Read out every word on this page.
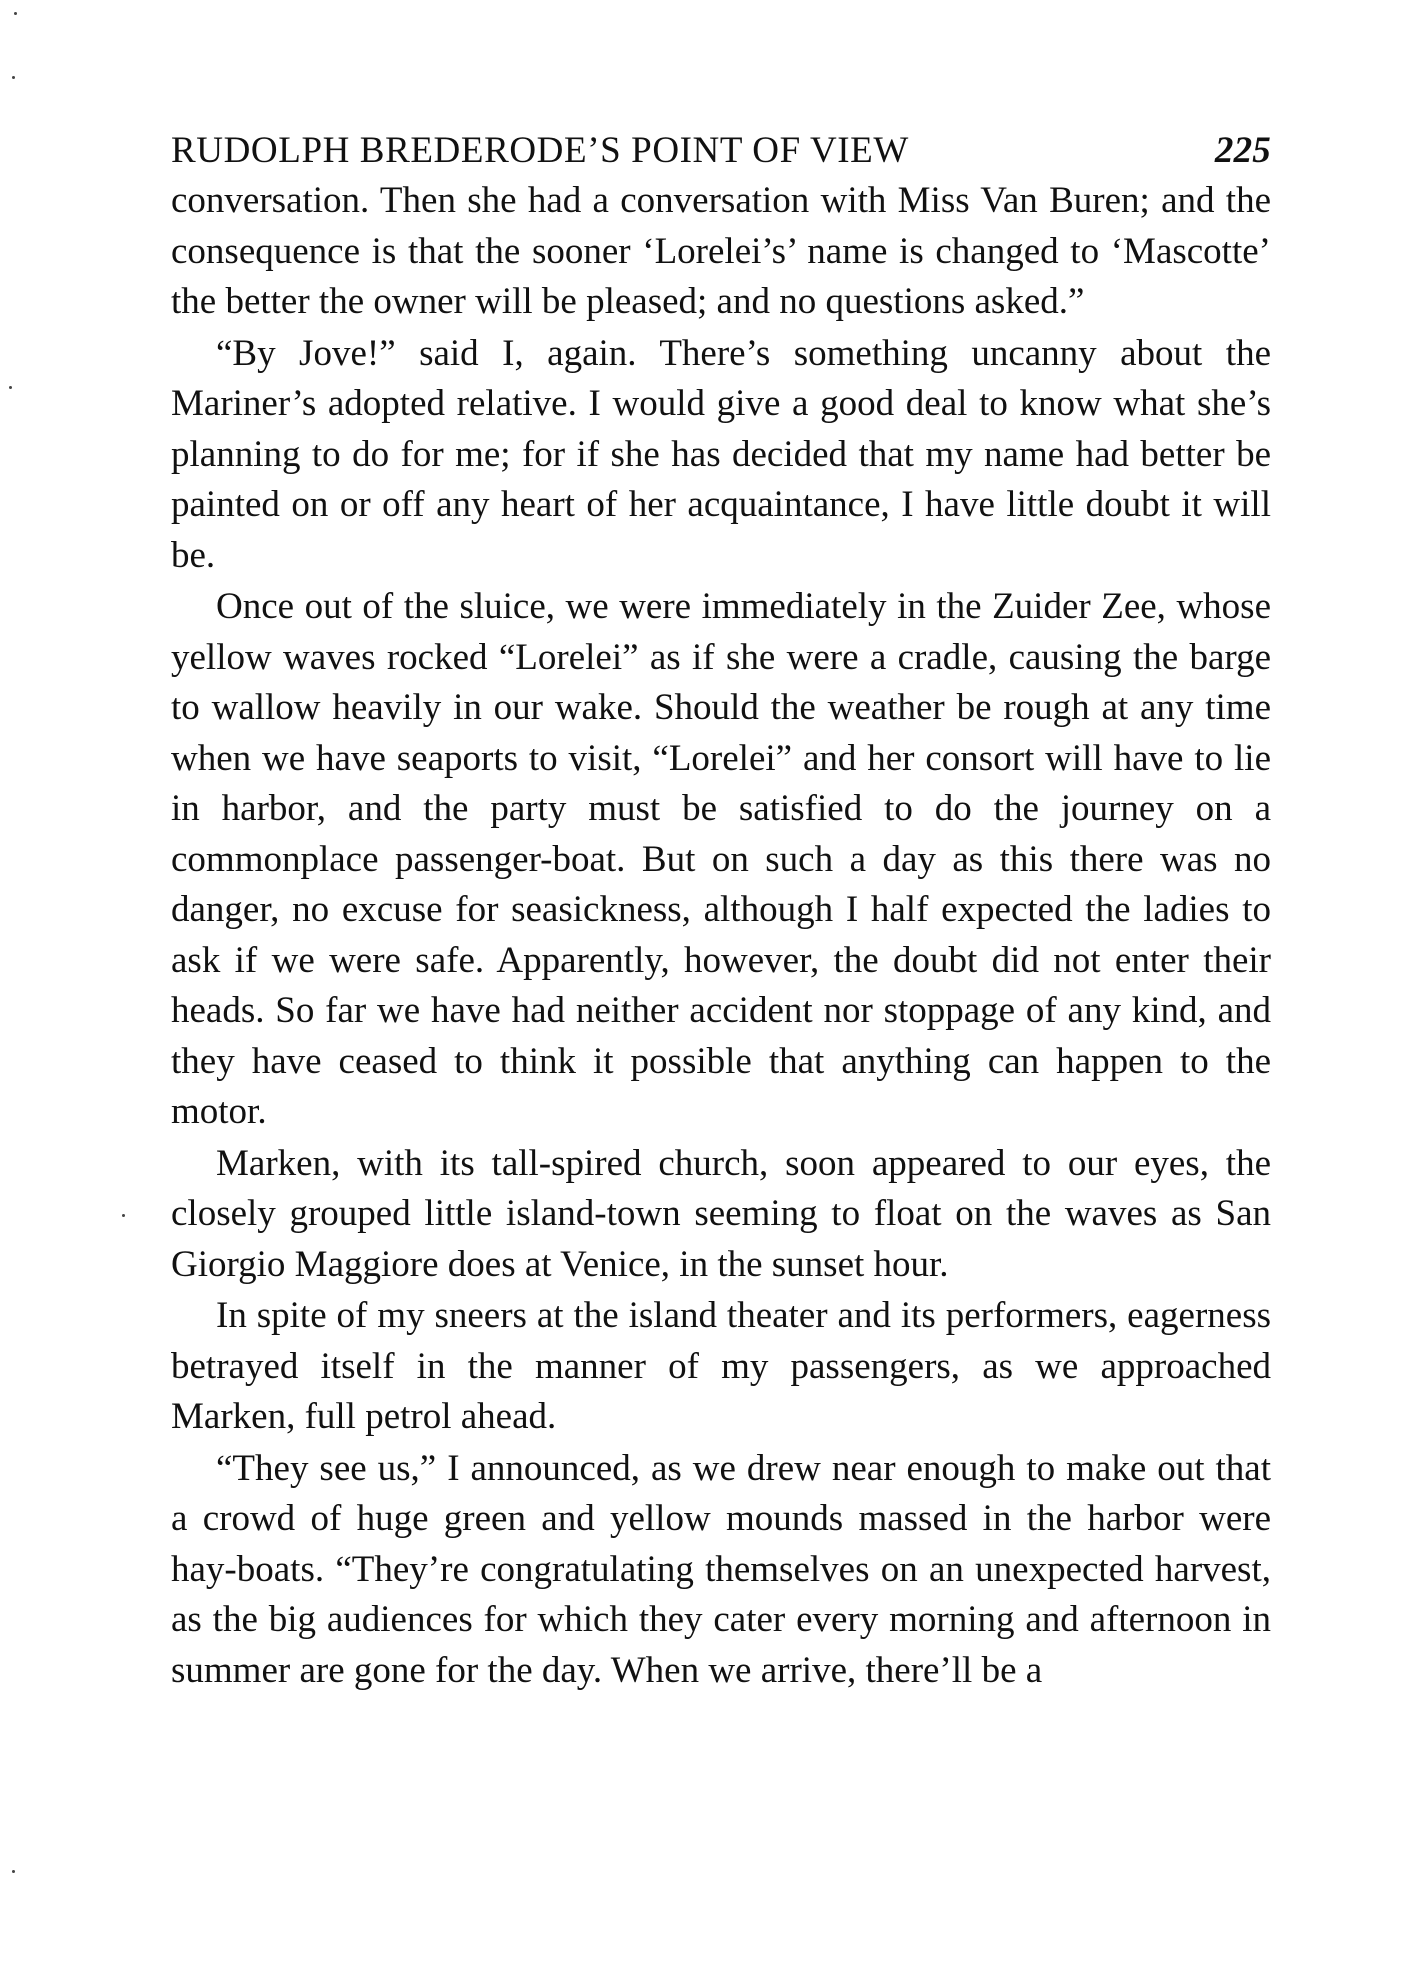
RUDOLPH BREDERODE’S POINT OF VIEW	225

conversation. Then she had a conversation with Miss Van Buren; and the consequence is that the sooner ‘Lorelei’s’ name is changed to ‘Mascotte’ the better the owner will be pleased; and no questions asked.”

“By Jove!” said I, again. There’s something uncanny about the Mariner’s adopted relative. I would give a good deal to know what she’s planning to do for me; for if she has decided that my name had better be painted on or off any heart of her acquaintance, I have little doubt it will be.

Once out of the sluice, we were immediately in the Zuider Zee, whose yellow waves rocked “Lorelei” as if she were a cradle, causing the barge to wallow heavily in our wake. Should the weather be rough at any time when we have seaports to visit, “Lorelei” and her consort will have to lie in harbor, and the party must be satisfied to do the journey on a commonplace passenger-boat. But on such a day as this there was no danger, no excuse for seasickness, although I half expected the ladies to ask if we were safe. Apparently, however, the doubt did not enter their heads. So far we have had neither accident nor stoppage of any kind, and they have ceased to think it possible that anything can happen to the motor.

Marken, with its tall-spired church, soon appeared to our eyes, the closely grouped little island-town seeming to float on the waves as San Giorgio Maggiore does at Venice, in the sunset hour.

In spite of my sneers at the island theater and its performers, eagerness betrayed itself in the manner of my passengers, as we approached Marken, full petrol ahead.

“They see us,” I announced, as we drew near enough to make out that a crowd of huge green and yellow mounds massed in the harbor were hay-boats. “They’re congratulating themselves on an unexpected harvest, as the big audiences for which they cater every morning and afternoon in summer are gone for the day. When we arrive, there’ll be a
